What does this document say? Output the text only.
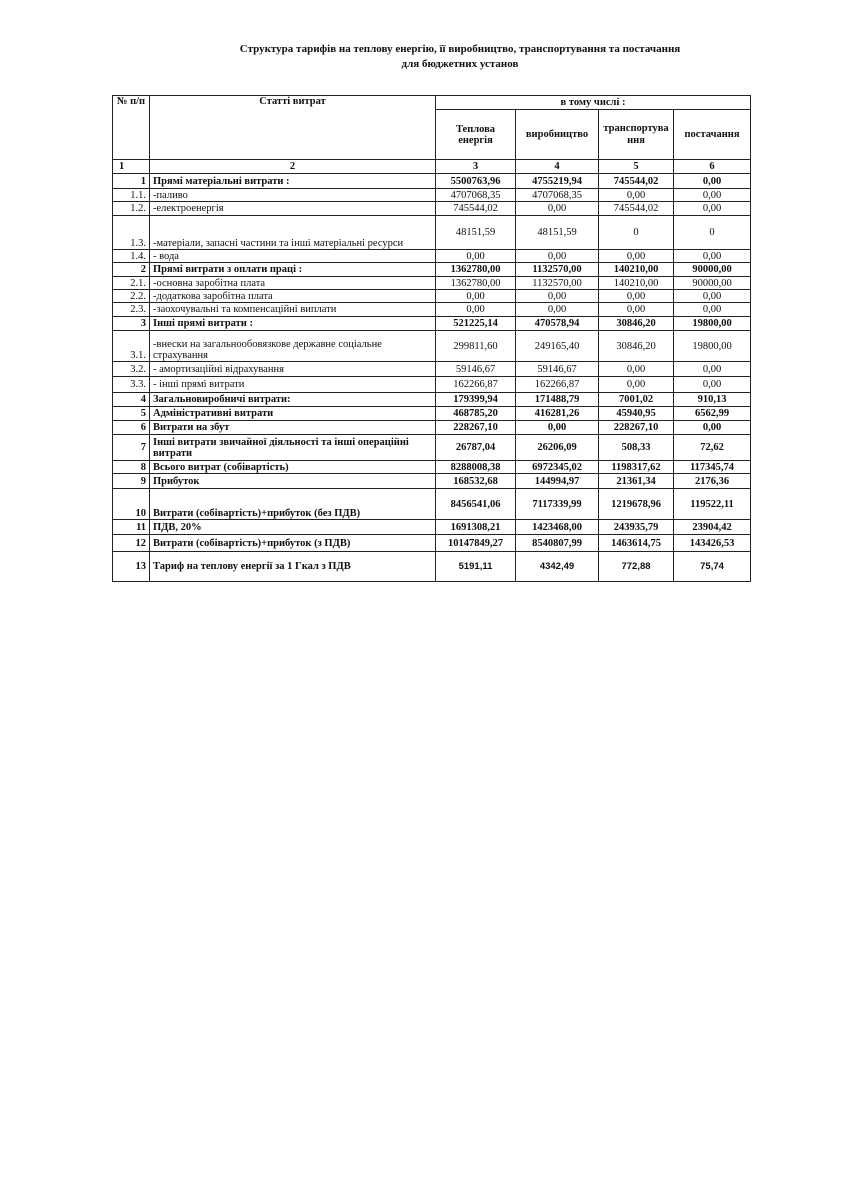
Структура тарифів на теплову енергію, її виробництво, транспортування та постачання
для бюджетних установ
№ п/п	Статті витрат	в тому числі :			
		Теплова енергія	виробництво	транспортування	постачання
1	2	3	4	5	6
1	Прямі матеріальні витрати :	5500763,96	4755219,94	745544,02	0,00
1.1.	-паливо	4707068,35	4707068,35	0,00	0,00
1.2.	-електроенергія	745544,02	0,00	745544,02	0,00
1.3.	-матеріали, запасні частини та інші матеріальні ресурси	48151,59	48151,59	0	0
1.4.	- вода	0,00	0,00	0,00	0,00
2	Прямі витрати з оплати праці :	1362780,00	1132570,00	140210,00	90000,00
2.1.	-основна заробітна плата	1362780,00	1132570,00	140210,00	90000,00
2.2.	-додаткова заробітна плата	0,00	0,00	0,00	0,00
2.3.	-заохочувальні та компенсаційні виплати	0,00	0,00	0,00	0,00
3	Інші прямі витрати :	521225,14	470578,94	30846,20	19800,00
3.1.	-внески на загальнообовязкове державне соціальне страхування	299811,60	249165,40	30846,20	19800,00
3.2.	- амортизаційні відрахування	59146,67	59146,67	0,00	0,00
3.3.	- інші прямі витрати	162266,87	162266,87	0,00	0,00
4	Загальновиробничі витрати:	179399,94	171488,79	7001,02	910,13
5	Адміністративні витрати	468785,20	416281,26	45940,95	6562,99
6	Витрати на збут	228267,10	0,00	228267,10	0,00
7	Інші витрати звичайної діяльності та інші операційні витрати	26787,04	26206,09	508,33	72,62
8	Всього витрат (собівартість)	8288008,38	6972345,02	1198317,62	117345,74
9	Прибуток	168532,68	144994,97	21361,34	2176,36
10	Витрати (собівартість)+прибуток (без ПДВ)	8456541,06	7117339,99	1219678,96	119522,11
11	ПДВ, 20%	1691308,21	1423468,00	243935,79	23904,42
12	Витрати (собівартість)+прибуток (з ПДВ)	10147849,27	8540807,99	1463614,75	143426,53
13	Тариф на теплову енергії за 1 Гкал з ПДВ	5191,11	4342,49	772,88	75,74
